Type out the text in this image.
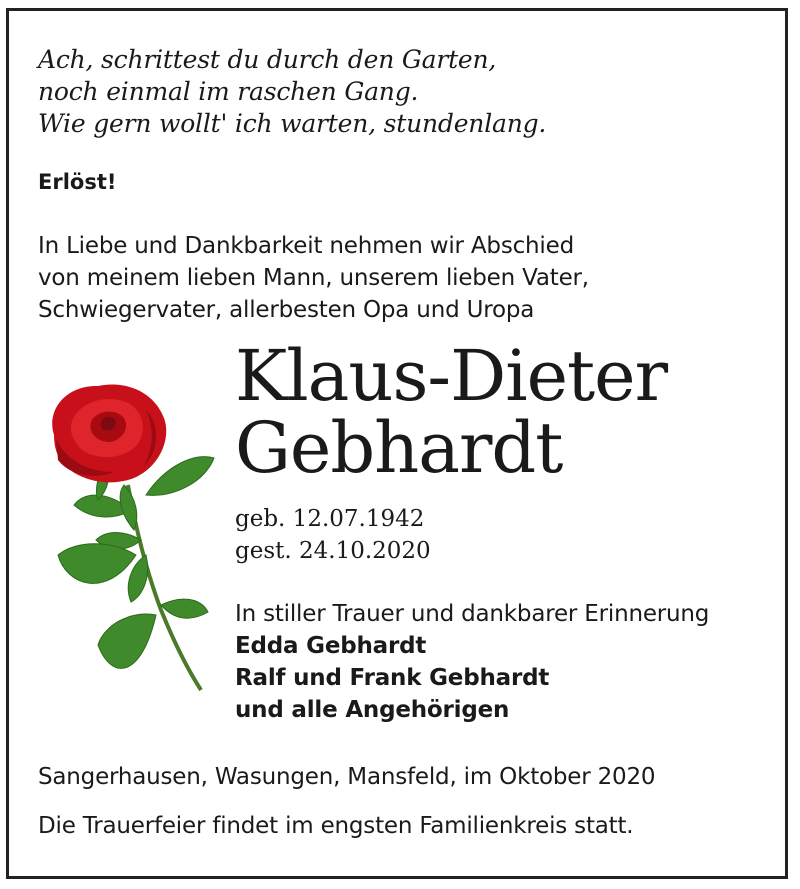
Ach, schrittest du durch den Garten,
noch einmal im raschen Gang.
Wie gern wollt' ich warten, stundenlang.
Erlöst!
In Liebe und Dankbarkeit nehmen wir Abschied
von meinem lieben Mann, unserem lieben Vater,
Schwiegervater, allerbesten Opa und Uropa
Klaus-Dieter
Gebhardt
geb. 12.07.1942
gest. 24.10.2020
In stiller Trauer und dankbarer Erinnerung
Edda Gebhardt
Ralf und Frank Gebhardt
und alle Angehörigen
Sangerhausen, Wasungen, Mansfeld, im Oktober 2020
Die Trauerfeier findet im engsten Familienkreis statt.
